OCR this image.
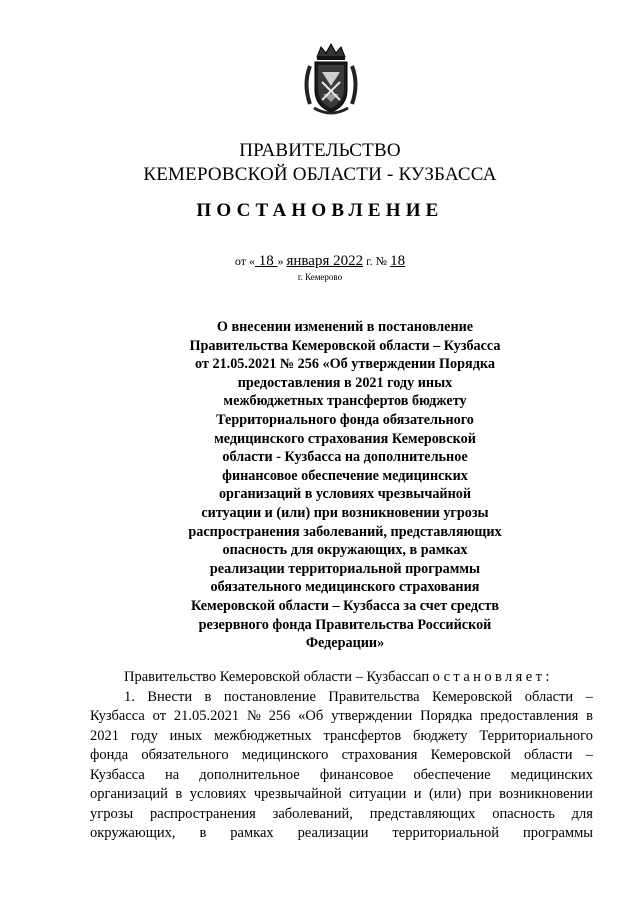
ПРАВИТЕЛЬСТВО
КЕМЕРОВСКОЙ ОБЛАСТИ - КУЗБАССА
ПОСТАНОВЛЕНИЕ
от « 18 » января 2022 г. № 18
г. Кемерово
О внесении изменений в постановление
Правительства Кемеровской области – Кузбасса
от 21.05.2021 № 256 «Об утверждении Порядка
предоставления в 2021 году иных
межбюджетных трансфертов бюджету
Территориального фонда обязательного
медицинского страхования Кемеровской
области - Кузбасса на дополнительное
финансовое обеспечение медицинских
организаций в условиях чрезвычайной
ситуации и (или) при возникновении угрозы
распространения заболеваний, представляющих
опасность для окружающих, в рамках
реализации территориальной программы
обязательного медицинского страхования
Кемеровской области – Кузбасса за счет средств
резервного фонда Правительства Российской
Федерации»
Правительство Кемеровской области – Кузбасса постановляет:
1. Внести в постановление Правительства Кемеровской области –
Кузбасса от 21.05.2021 № 256 «Об утверждении Порядка предоставления в
2021 году иных межбюджетных трансфертов бюджету Территориального
фонда обязательного медицинского страхования Кемеровской области –
Кузбасса на дополнительное финансовое обеспечение медицинских
организаций в условиях чрезвычайной ситуации и (или) при возникновении
угрозы распространения заболеваний, представляющих опасность для
окружающих, в рамках реализации территориальной программы
